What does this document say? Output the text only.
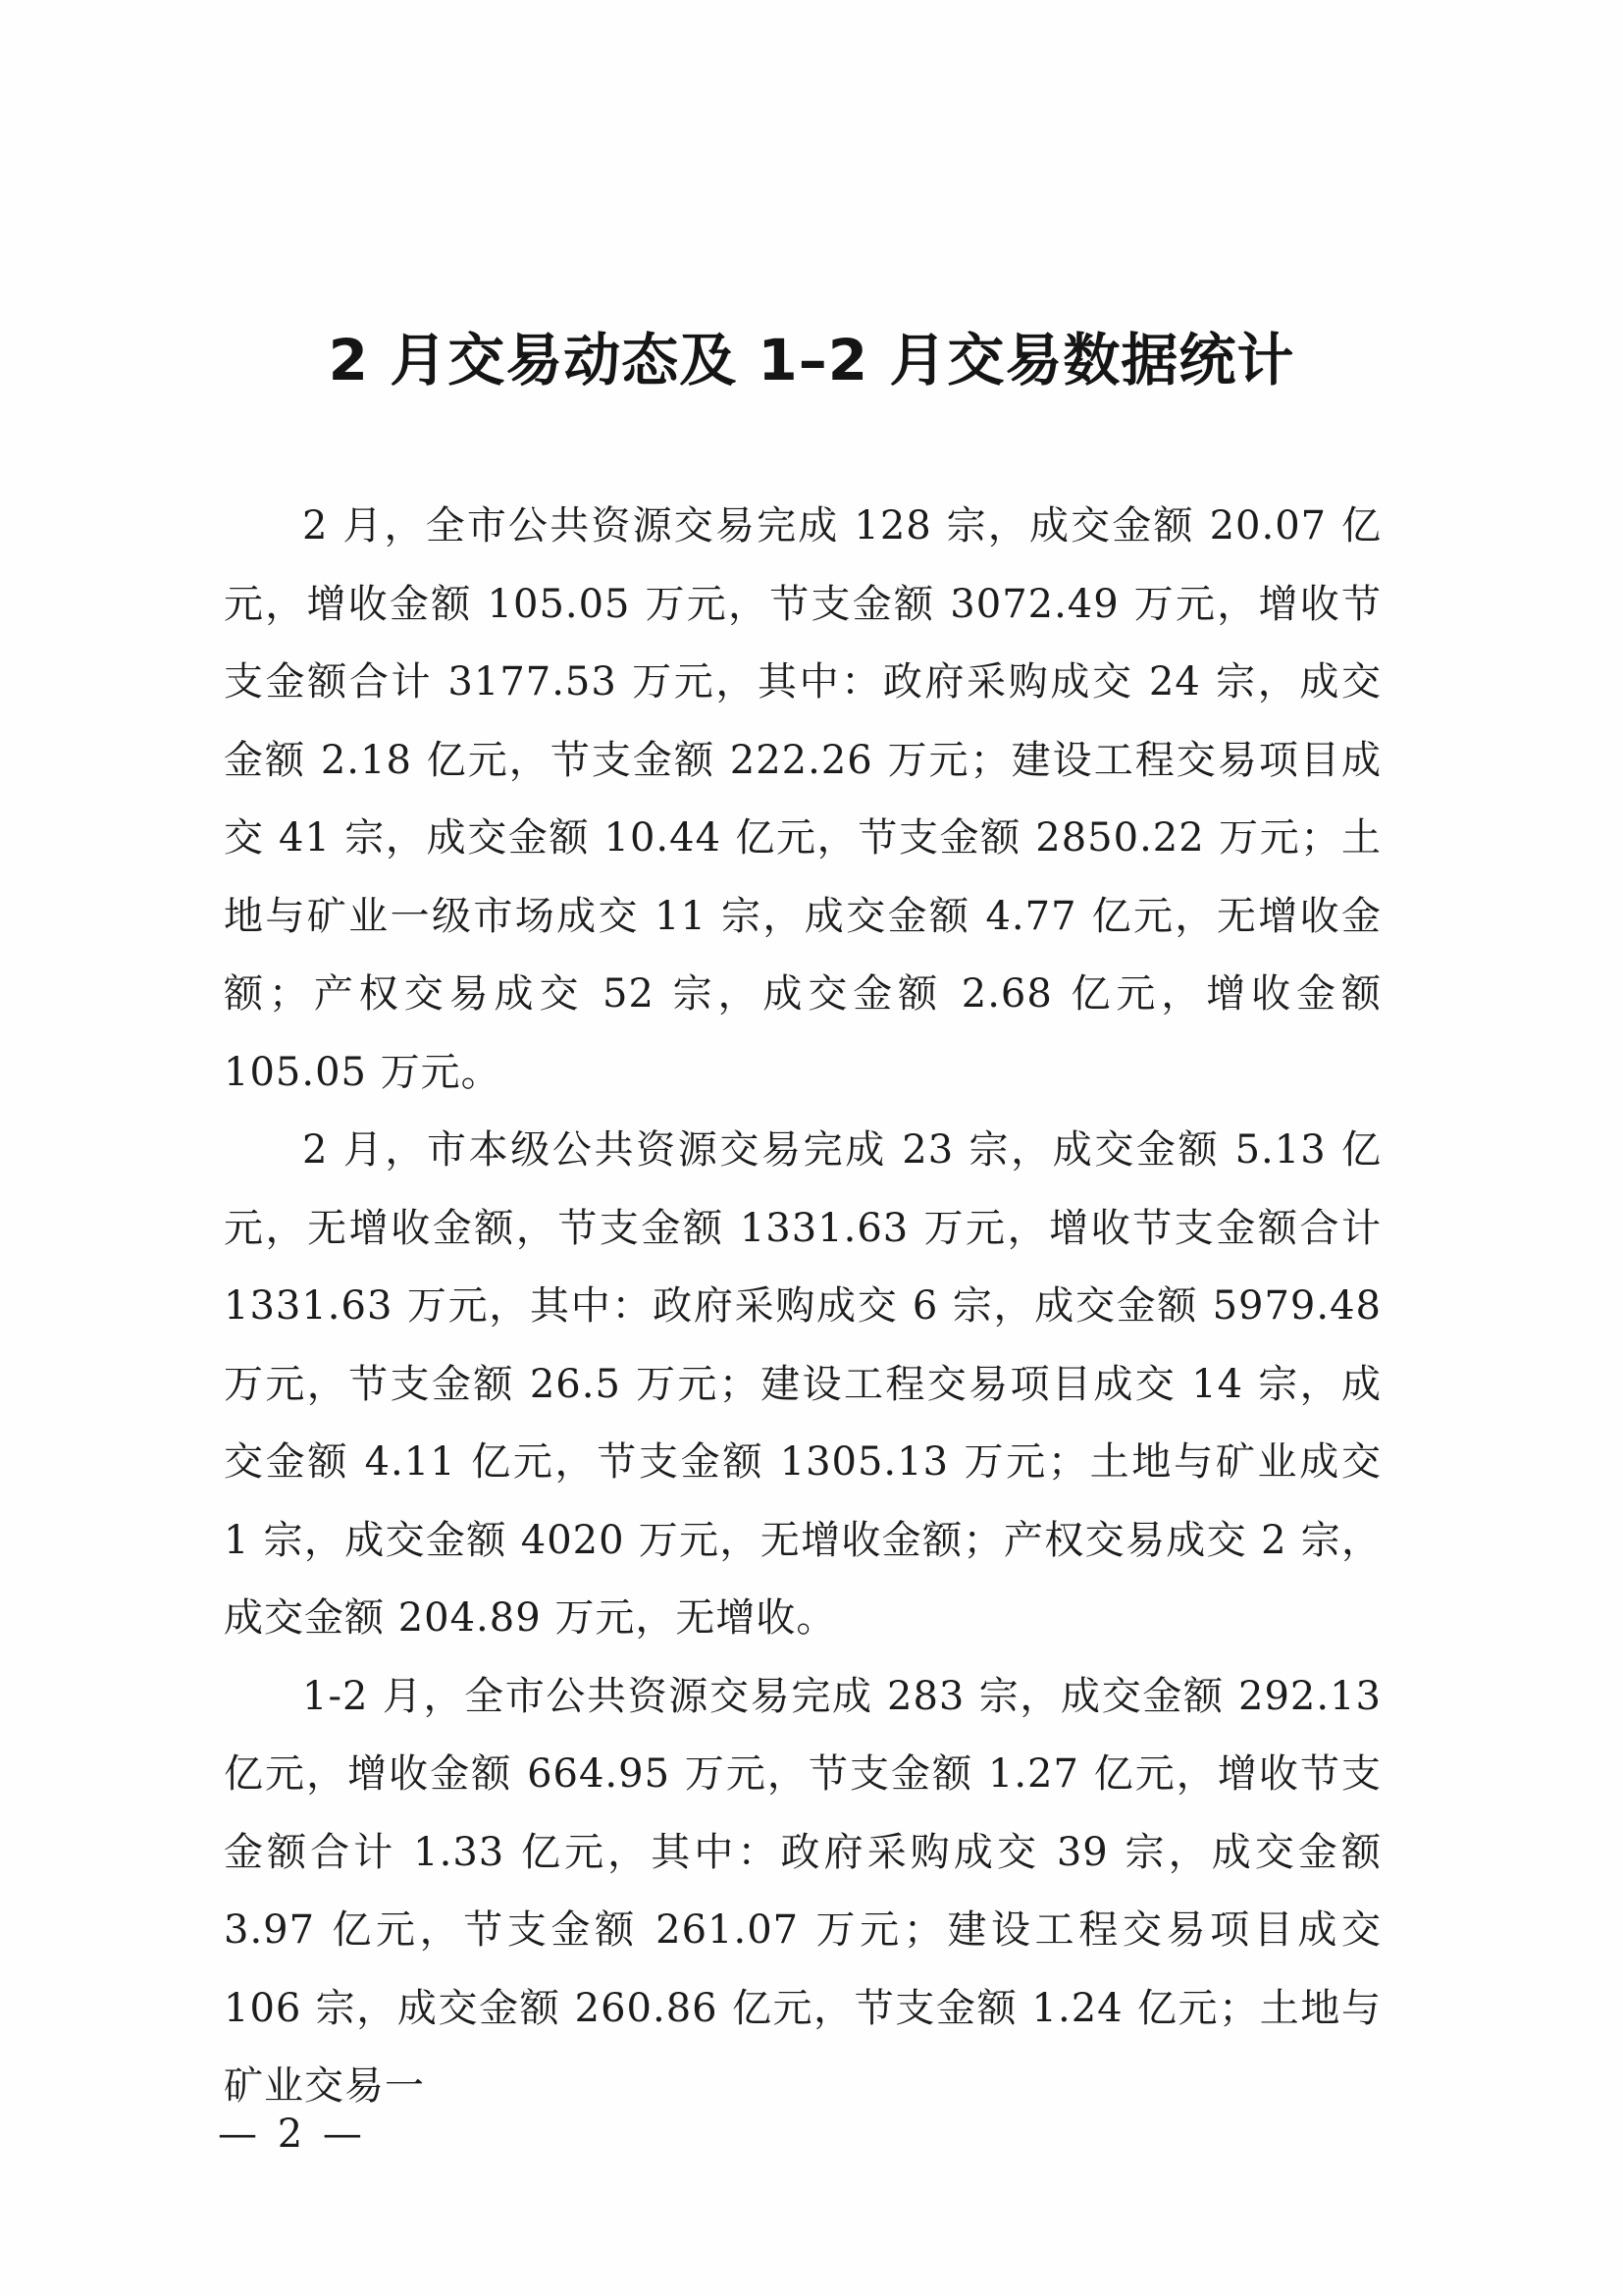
2 月交易动态及 1–2 月交易数据统计

2 月，全市公共资源交易完成 128 宗，成交金额 20.07 亿元，增收金额 105.05 万元，节支金额 3072.49 万元，增收节支金额合计 3177.53 万元，其中：政府采购成交 24 宗，成交金额 2.18 亿元，节支金额 222.26 万元；建设工程交易项目成交 41 宗，成交金额 10.44 亿元，节支金额 2850.22 万元；土地与矿业一级市场成交 11 宗，成交金额 4.77 亿元，无增收金额；产权交易成交 52 宗，成交金额 2.68 亿元，增收金额 105.05 万元。

2 月，市本级公共资源交易完成 23 宗，成交金额 5.13 亿元，无增收金额，节支金额 1331.63 万元，增收节支金额合计 1331.63 万元，其中：政府采购成交 6 宗，成交金额 5979.48 万元，节支金额 26.5 万元；建设工程交易项目成交 14 宗，成交金额 4.11 亿元，节支金额 1305.13 万元；土地与矿业成交 1 宗，成交金额 4020 万元，无增收金额；产权交易成交 2 宗，成交金额 204.89 万元，无增收。

1-2 月，全市公共资源交易完成 283 宗，成交金额 292.13 亿元，增收金额 664.95 万元，节支金额 1.27 亿元，增收节支金额合计 1.33 亿元，其中：政府采购成交 39 宗，成交金额 3.97 亿元，节支金额 261.07 万元；建设工程交易项目成交 106 宗，成交金额 260.86 亿元，节支金额 1.24 亿元；土地与矿业交易一

— 2 —
